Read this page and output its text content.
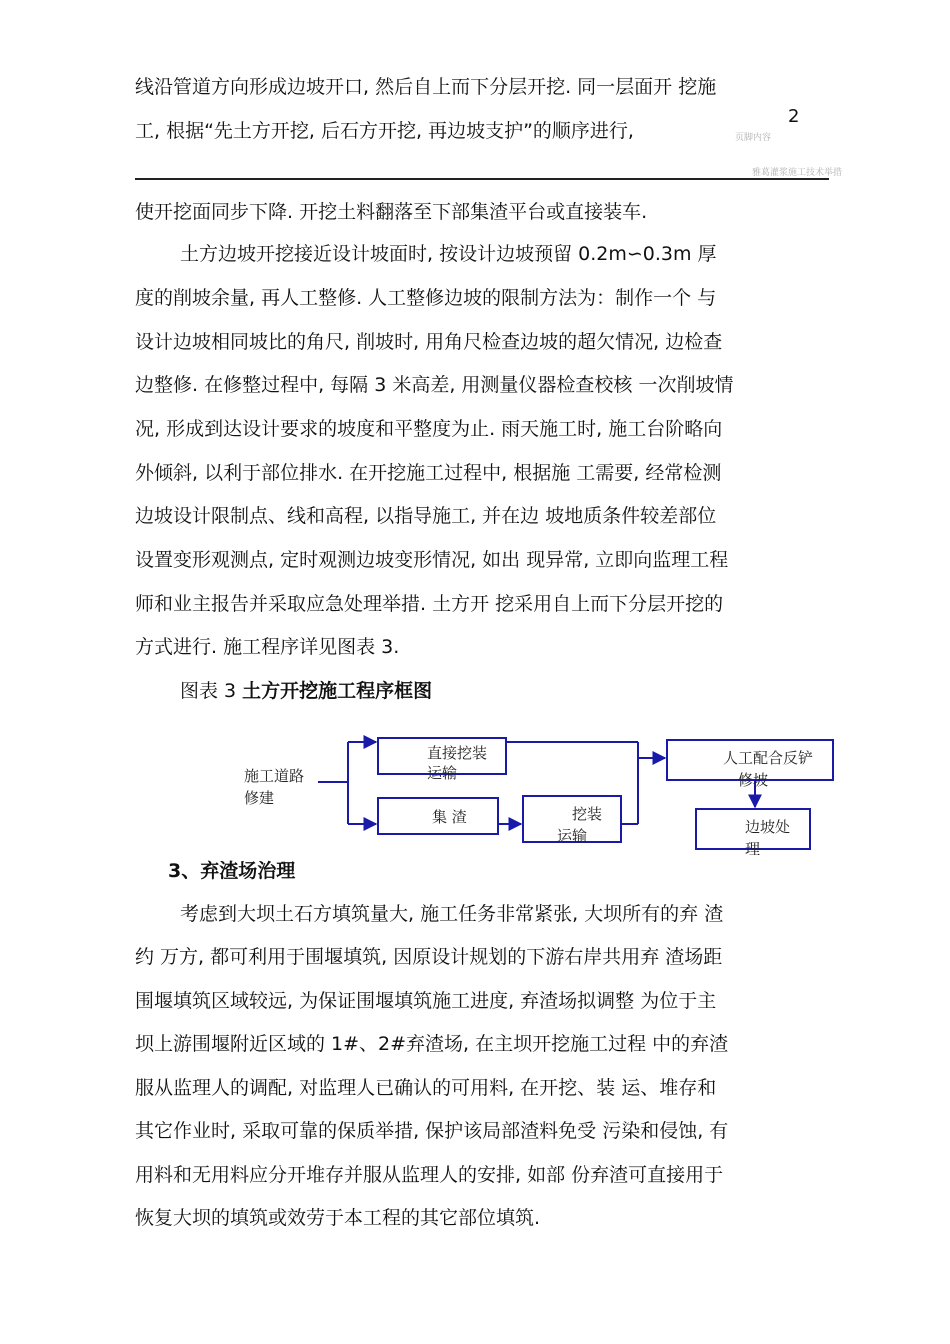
线沿管道方向形成边坡开口, 然后自上而下分层开挖. 同一层面开 挖施
工, 根据“先土方开挖, 后石方开挖, 再边坡支护”的顺序进行,
2
页脚内容
雅葛灌浆施工技术举措
使开挖面同步下降. 开挖土料翻落至下部集渣平台或直接装车.
土方边坡开挖接近设计坡面时, 按设计边坡预留 0.2m∽0.3m 厚
度的削坡余量, 再人工整修. 人工整修边坡的限制方法为：制作一个 与
设计边坡相同坡比的角尺, 削坡时, 用角尺检查边坡的超欠情况, 边检查
边整修. 在修整过程中, 每隔 3 米高差, 用测量仪器检查校核 一次削坡情
况, 形成到达设计要求的坡度和平整度为止. 雨天施工时, 施工台阶略向
外倾斜, 以利于部位排水. 在开挖施工过程中, 根据施 工需要, 经常检测
边坡设计限制点、线和高程, 以指导施工, 并在边 坡地质条件较差部位
设置变形观测点, 定时观测边坡变形情况, 如出 现异常, 立即向监理工程
师和业主报告并采取应急处理举措. 土方开 挖采用自上而下分层开挖的
方式进行. 施工程序详见图表 3.
图表 3 土方开挖施工程序框图
施工道路
修建
直接挖装
运输
集 渣	挖装
运输
人工配合反铲
修坡
边坡处
理
3、弃渣场治理
考虑到大坝土石方填筑量大, 施工任务非常紧张, 大坝所有的弃 渣
约 万方, 都可利用于围堰填筑, 因原设计规划的下游右岸共用弃 渣场距
围堰填筑区域较远, 为保证围堰填筑施工进度, 弃渣场拟调整 为位于主
坝上游围堰附近区域的 1#、2#弃渣场, 在主坝开挖施工过程 中的弃渣
服从监理人的调配, 对监理人已确认的可用料, 在开挖、装 运、堆存和
其它作业时, 采取可靠的保质举措, 保护该局部渣料免受 污染和侵蚀, 有
用料和无用料应分开堆存并服从监理人的安排, 如部 份弃渣可直接用于
恢复大坝的填筑或效劳于本工程的其它部位填筑.
